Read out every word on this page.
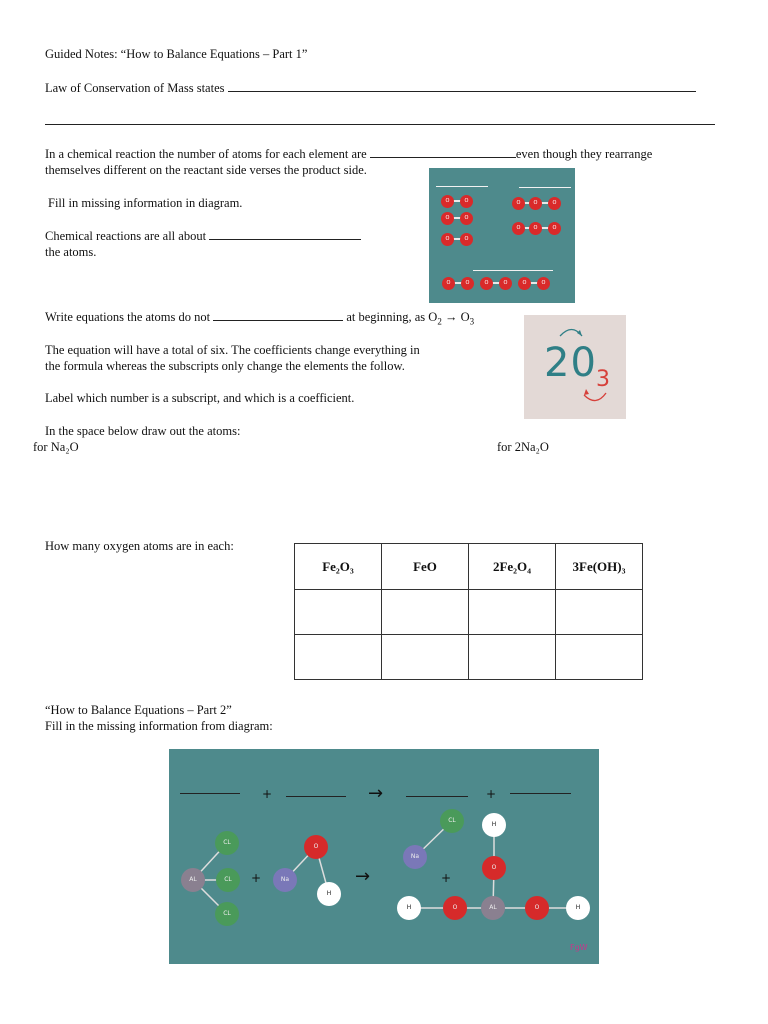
Guided Notes: “How to Balance Equations – Part 1”
Law of Conservation of Mass states
In a chemical reaction the number of atoms for each element are	even though they rearrange
themselves different on the reactant side verses the product side.
Fill in missing information in diagram.
Chemical reactions are all about
the atoms.
Write equations the atoms do not	at beginning, as $O_2 \to O_3$
The equation will have a total of six. The coefficients change everything in
the formula whereas the subscripts only change the elements the follow.
Label which number is a subscript, and which is a coefficient.
In the space below draw out the atoms:
for Na₂O	for 2Na₂O
How many oxygen atoms are in each:
Fe₂O₃	FeO	2Fe₂O₄	3Fe(OH)₃

“How to Balance Equations – Part 2”
Fill in the missing information from diagram:
O	O
O	O
O	O
O	O	O
O	O	O
O	O	O	O	O	O
20 3
+	→	+
+	→	+
FgW
AL
CL
CL
CL
Na
O
H
Na
CL
H
O
H	O	AL	O	H
